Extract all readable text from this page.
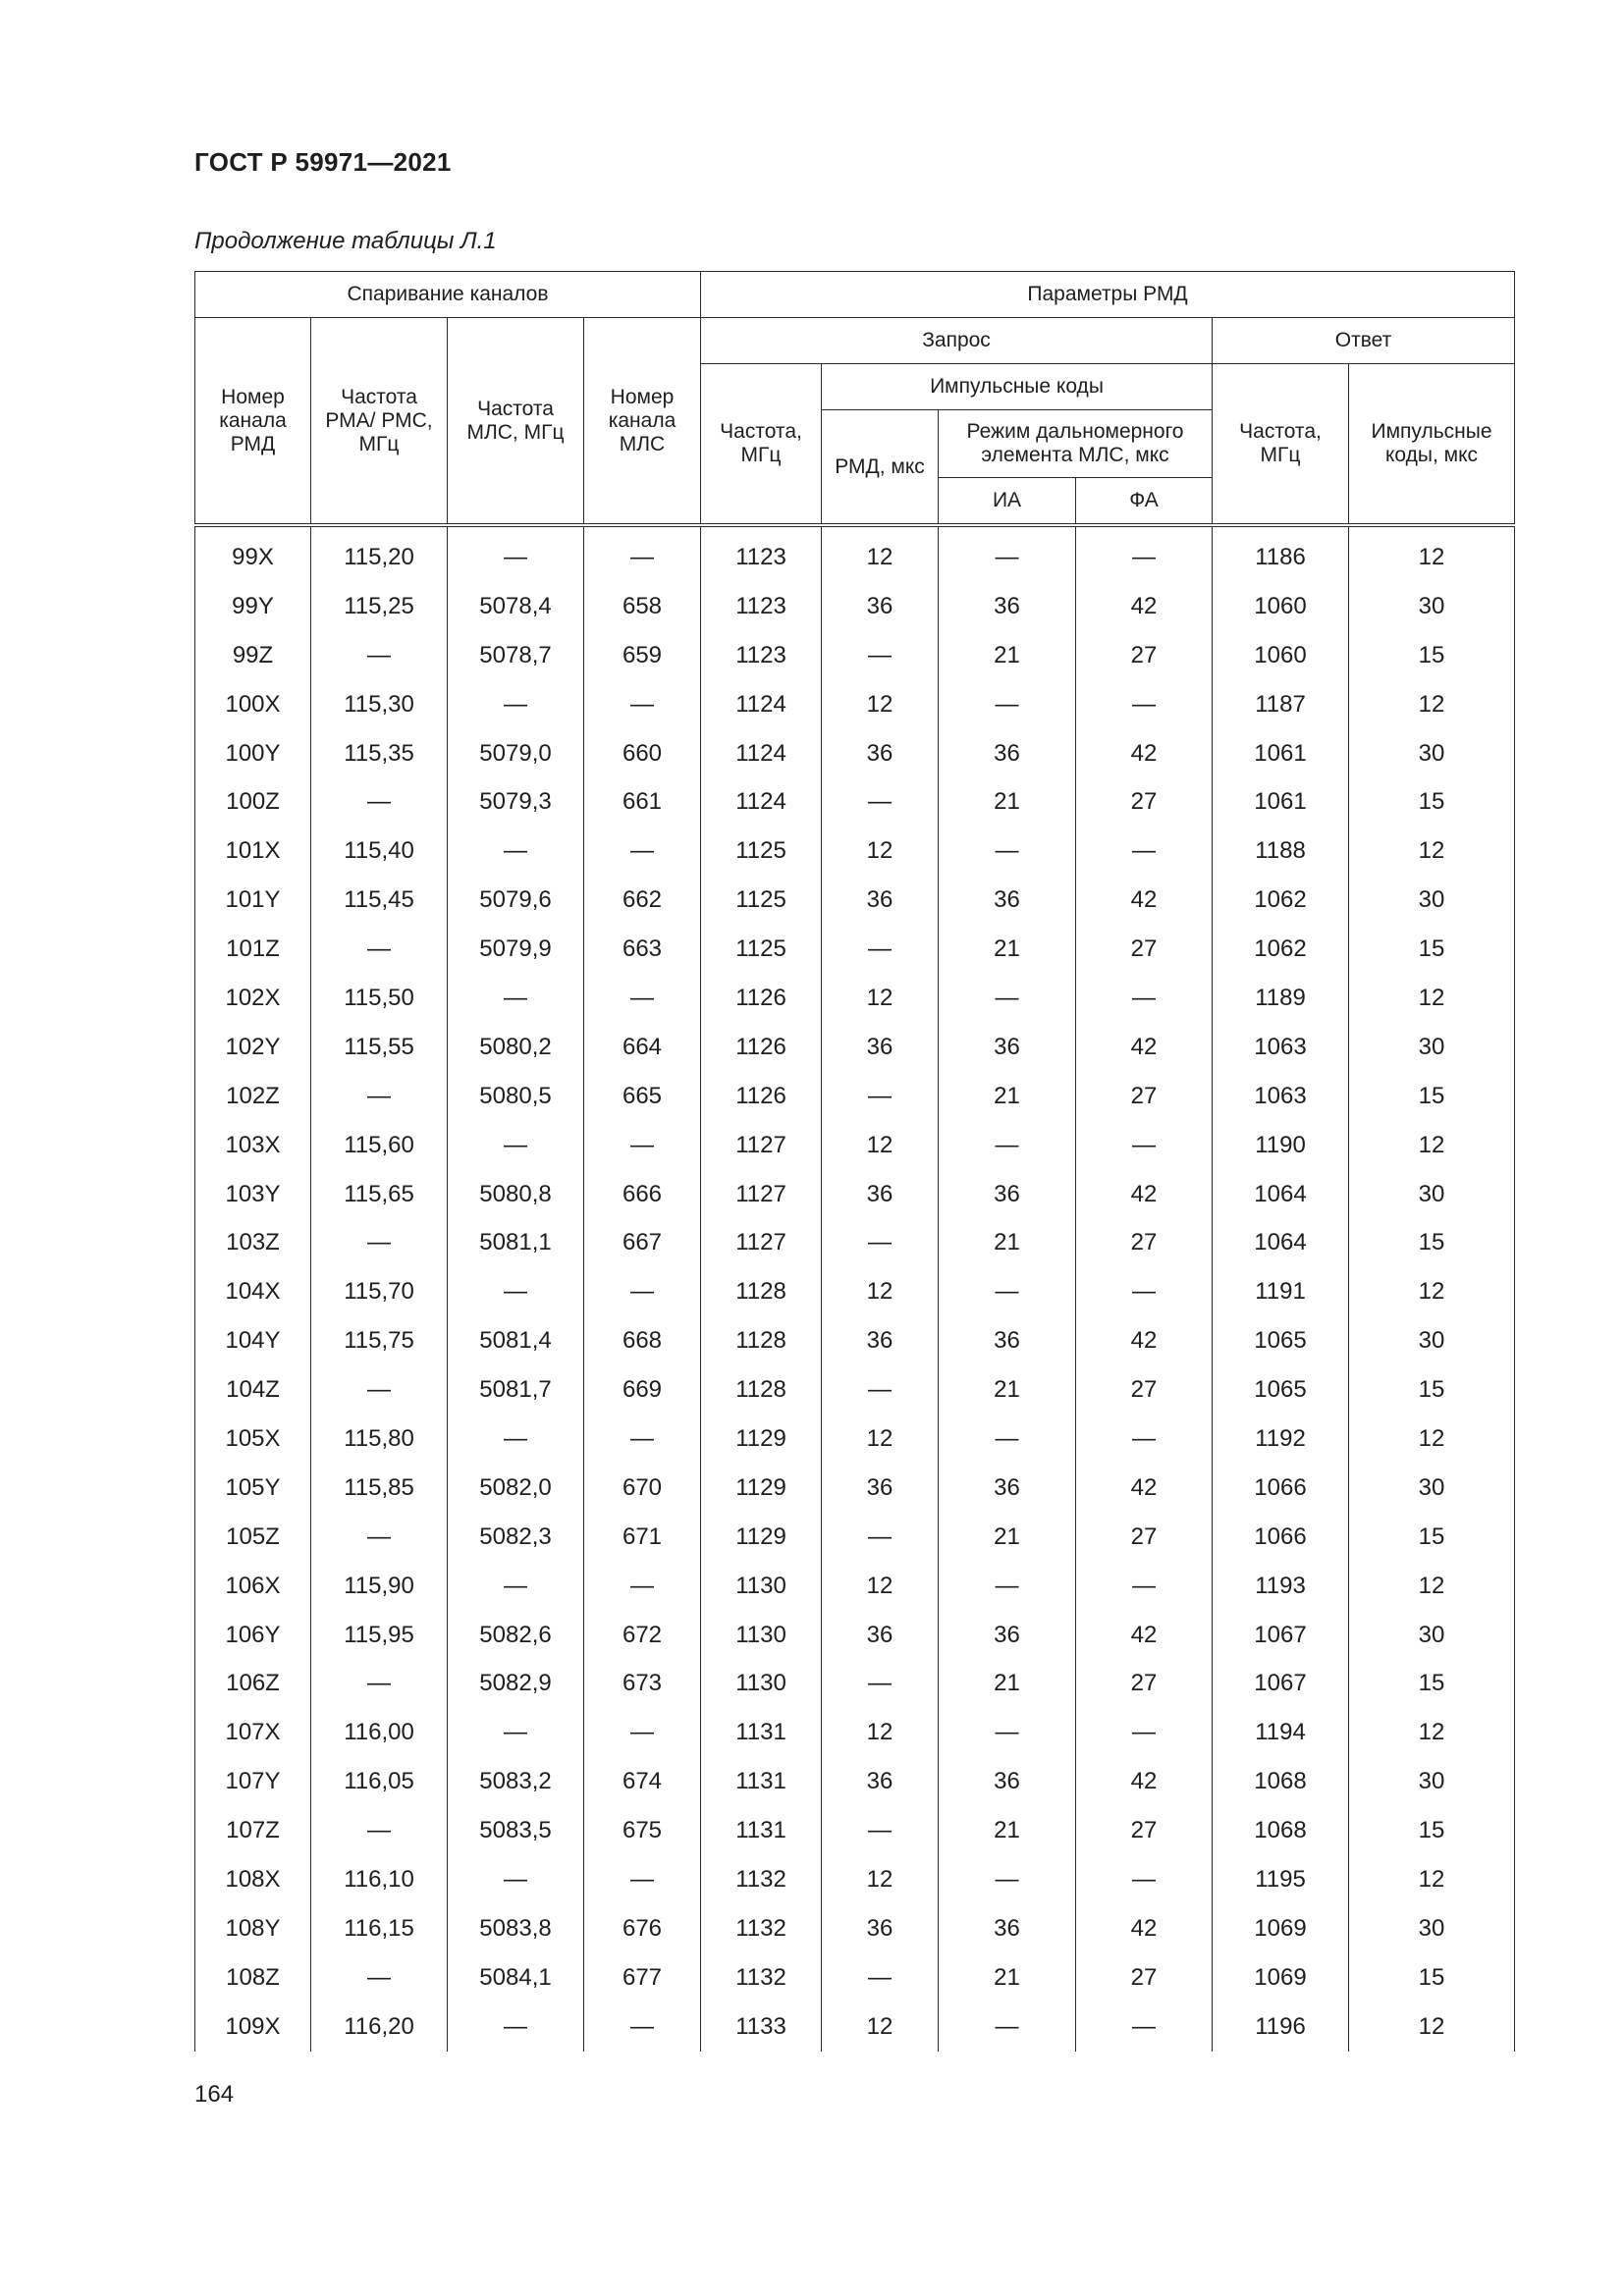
ГОСТ Р 59971—2021
Продолжение таблицы Л.1
Спаривание каналов				Параметры РМД					
Номер канала РМД	Частота РМА/ РМС, МГц	Частота МЛС, МГц	Номер канала МЛС	Запрос				Ответ	
				Частота, МГц	Импульсные коды			Частота, МГц	Импульсные коды, мкс
					РМД, мкс	Режим дальномерного элемента МЛС, мкс			
						ИА	ФА		
99X	115,20	—	—	1123	12	—	—	1186	12
99Y	115,25	5078,4	658	1123	36	36	42	1060	30
99Z	—	5078,7	659	1123	—	21	27	1060	15
100X	115,30	—	—	1124	12	—	—	1187	12
100Y	115,35	5079,0	660	1124	36	36	42	1061	30
100Z	—	5079,3	661	1124	—	21	27	1061	15
101X	115,40	—	—	1125	12	—	—	1188	12
101Y	115,45	5079,6	662	1125	36	36	42	1062	30
101Z	—	5079,9	663	1125	—	21	27	1062	15
102X	115,50	—	—	1126	12	—	—	1189	12
102Y	115,55	5080,2	664	1126	36	36	42	1063	30
102Z	—	5080,5	665	1126	—	21	27	1063	15
103X	115,60	—	—	1127	12	—	—	1190	12
103Y	115,65	5080,8	666	1127	36	36	42	1064	30
103Z	—	5081,1	667	1127	—	21	27	1064	15
104X	115,70	—	—	1128	12	—	—	1191	12
104Y	115,75	5081,4	668	1128	36	36	42	1065	30
104Z	—	5081,7	669	1128	—	21	27	1065	15
105X	115,80	—	—	1129	12	—	—	1192	12
105Y	115,85	5082,0	670	1129	36	36	42	1066	30
105Z	—	5082,3	671	1129	—	21	27	1066	15
106X	115,90	—	—	1130	12	—	—	1193	12
106Y	115,95	5082,6	672	1130	36	36	42	1067	30
106Z	—	5082,9	673	1130	—	21	27	1067	15
107X	116,00	—	—	1131	12	—	—	1194	12
107Y	116,05	5083,2	674	1131	36	36	42	1068	30
107Z	—	5083,5	675	1131	—	21	27	1068	15
108X	116,10	—	—	1132	12	—	—	1195	12
108Y	116,15	5083,8	676	1132	36	36	42	1069	30
108Z	—	5084,1	677	1132	—	21	27	1069	15
109X	116,20	—	—	1133	12	—	—	1196	12
164
